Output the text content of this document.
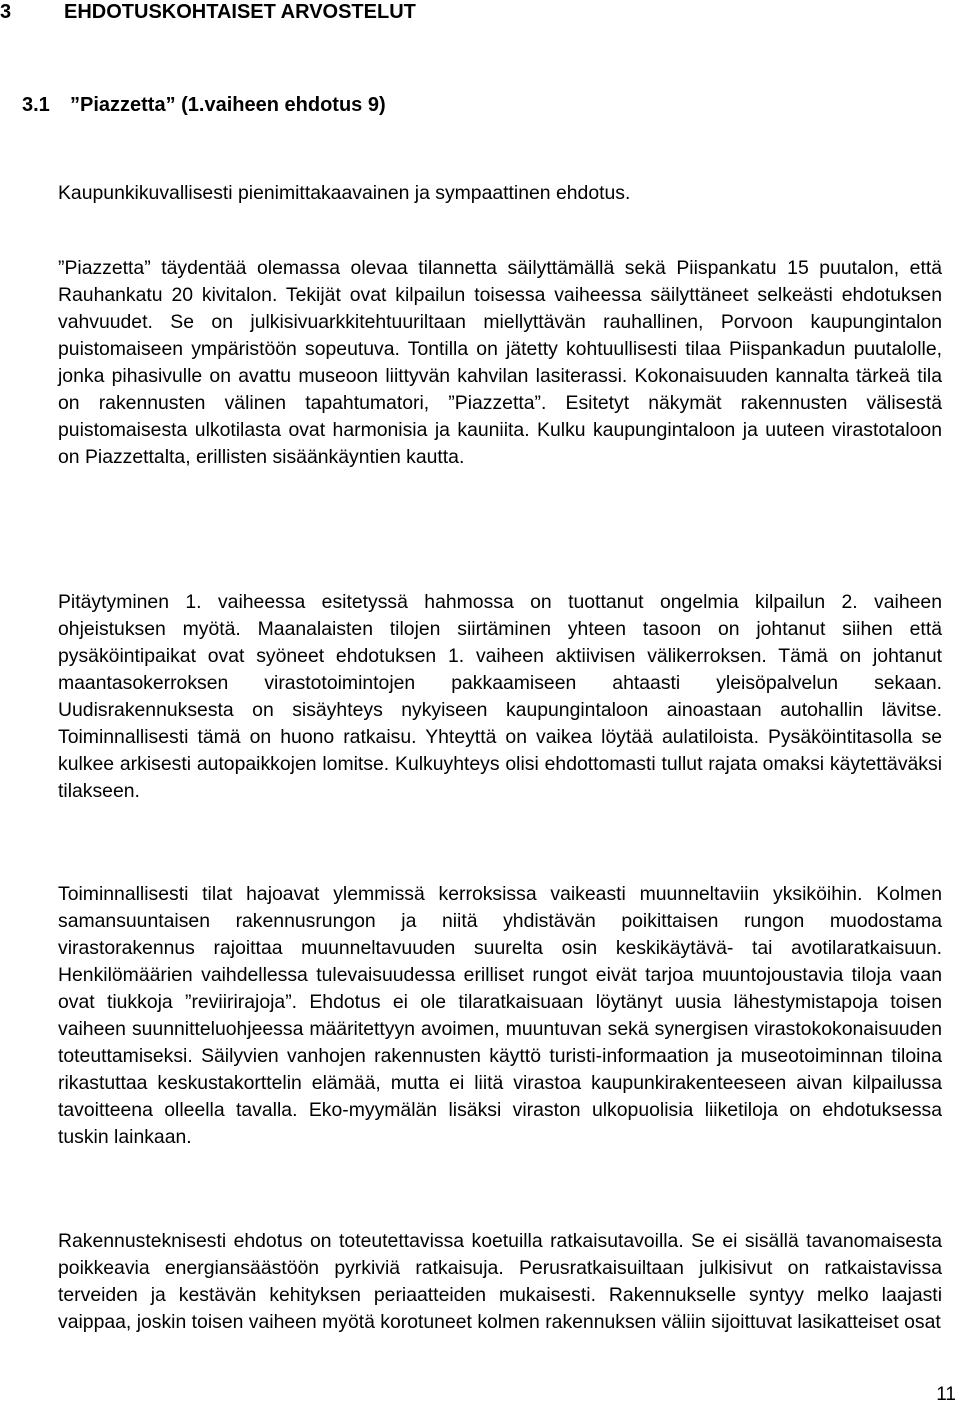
3	EHDOTUSKOHTAISET ARVOSTELUT
3.1 ”Piazzetta” (1.vaiheen ehdotus 9)

Kaupunkikuvallisesti pienimittakaavainen ja sympaattinen ehdotus.

”Piazzetta” täydentää olemassa olevaa tilannetta säilyttämällä sekä Piispankatu 15 puutalon, että Rauhankatu 20 kivitalon. Tekijät ovat kilpailun toisessa vaiheessa säilyttäneet selkeästi ehdotuksen vahvuudet. Se on julkisivuarkkitehtuuriltaan miellyttävän rauhallinen, Porvoon kaupungintalon puistomaiseen ympäristöön sopeutuva. Tontilla on jätetty kohtuullisesti tilaa Piispankadun puutalolle, jonka pihasivulle on avattu museoon liittyvän kahvilan lasiterassi. Kokonaisuuden kannalta tärkeä tila on rakennusten välinen tapahtumatori, ”Piazzetta”. Esitetyt näkymät rakennusten välisestä puistomaisesta ulkotilasta ovat harmonisia ja kauniita. Kulku kaupungintaloon ja uuteen virastotaloon on Piazzettalta, erillisten sisäänkäyntien kautta.

Pitäytyminen 1. vaiheessa esitetyssä hahmossa on tuottanut ongelmia kilpailun 2. vaiheen ohjeistuksen myötä. Maanalaisten tilojen siirtäminen yhteen tasoon on johtanut siihen että pysäköintipaikat ovat syöneet ehdotuksen 1. vaiheen aktiivisen välikerroksen. Tämä on johtanut maantasokerroksen virastotoimintojen pakkaamiseen ahtaasti yleisöpalvelun sekaan. Uudisrakennuksesta on sisäyhteys nykyiseen kaupungintaloon ainoastaan autohallin lävitse. Toiminnallisesti tämä on huono ratkaisu. Yhteyttä on vaikea löytää aulatiloista. Pysäköintitasolla se kulkee arkisesti autopaikkojen lomitse. Kulkuyhteys olisi ehdottomasti tullut rajata omaksi käytettäväksi tilakseen.

Toiminnallisesti tilat hajoavat ylemmissä kerroksissa vaikeasti muunneltaviin yksiköihin. Kolmen samansuuntaisen rakennusrungon ja niitä yhdistävän poikittaisen rungon muodostama virastorakennus rajoittaa muunneltavuuden suurelta osin keskikäytävä- tai avotilaratkaisuun. Henkilömäärien vaihdellessa tulevaisuudessa erilliset rungot eivät tarjoa muuntojoustavia tiloja vaan ovat tiukkoja ”reviirirajoja”. Ehdotus ei ole tilaratkaisuaan löytänyt uusia lähestymistapoja toisen vaiheen suunnitteluohjeessa määritettyyn avoimen, muuntuvan sekä synergisen virastokokonaisuuden toteuttamiseksi. Säilyvien vanhojen rakennusten käyttö turisti-informaation ja museotoiminnan tiloina rikastuttaa keskustakorttelin elämää, mutta ei liitä virastoa kaupunkirakenteeseen aivan kilpailussa tavoitteena olleella tavalla. Eko-myymälän lisäksi viraston ulkopuolisia liiketiloja on ehdotuksessa tuskin lainkaan.

Rakennusteknisesti ehdotus on toteutettavissa koetuilla ratkaisutavoilla. Se ei sisällä tavanomaisesta poikkeavia energiansäästöön pyrkiviä ratkaisuja. Perusratkaisuiltaan julkisivut on ratkaistavissa terveiden ja kestävän kehityksen periaatteiden mukaisesti. Rakennukselle syntyy melko laajasti vaippaa, joskin toisen vaiheen myötä korotuneet kolmen rakennuksen väliin sijoittuvat lasikatteiset osat

11
